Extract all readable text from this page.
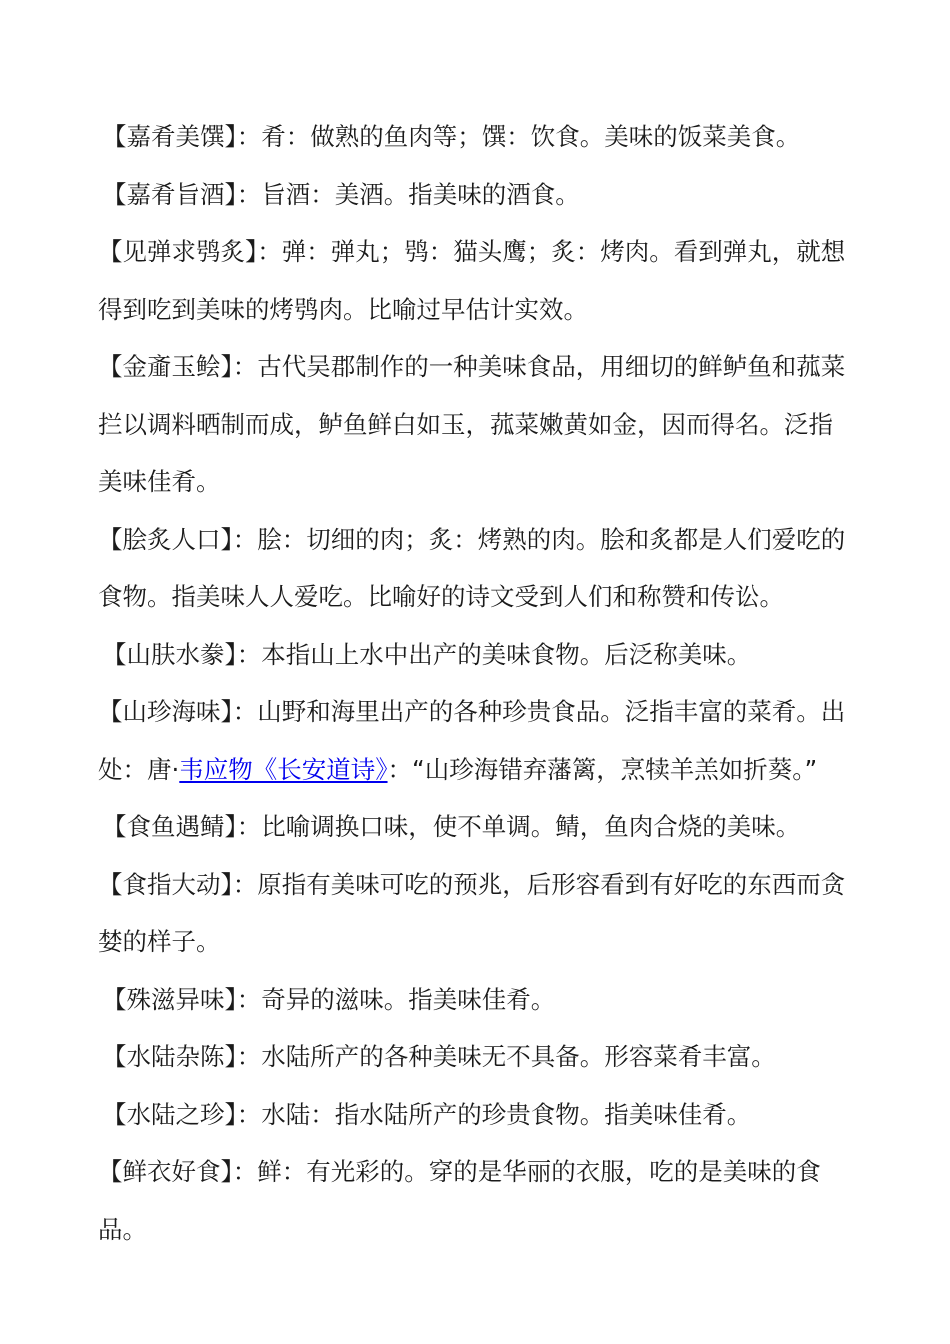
【嘉肴美馔】：肴：做熟的鱼肉等；馔：饮食。美味的饭菜美食。

【嘉肴旨酒】：旨酒：美酒。指美味的酒食。

【见弹求鸮炙】：弹：弹丸；鸮：猫头鹰；炙：烤肉。看到弹丸，就想得到吃到美味的烤鸮肉。比喻过早估计实效。

【金齑玉鲙】：古代吴郡制作的一种美味食品，用细切的鲜鲈鱼和菰菜拦以调料晒制而成，鲈鱼鲜白如玉，菰菜嫩黄如金，因而得名。泛指美味佳肴。

【脍炙人口】：脍：切细的肉；炙：烤熟的肉。脍和炙都是人们爱吃的食物。指美味人人爱吃。比喻好的诗文受到人们和称赞和传讼。

【山肤水豢】：本指山上水中出产的美味食物。后泛称美味。

【山珍海味】：山野和海里出产的各种珍贵食品。泛指丰富的菜肴。出处：唐·韦应物《长安道诗》：“山珍海错弃藩篱，烹犊羊羔如折葵。”

【食鱼遇鲭】：比喻调换口味，使不单调。鲭，鱼肉合烧的美味。

【食指大动】：原指有美味可吃的预兆，后形容看到有好吃的东西而贪婪的样子。

【殊滋异味】：奇异的滋味。指美味佳肴。

【水陆杂陈】：水陆所产的各种美味无不具备。形容菜肴丰富。

【水陆之珍】：水陆：指水陆所产的珍贵食物。指美味佳肴。

【鲜衣好食】：鲜：有光彩的。穿的是华丽的衣服，吃的是美味的食品。
